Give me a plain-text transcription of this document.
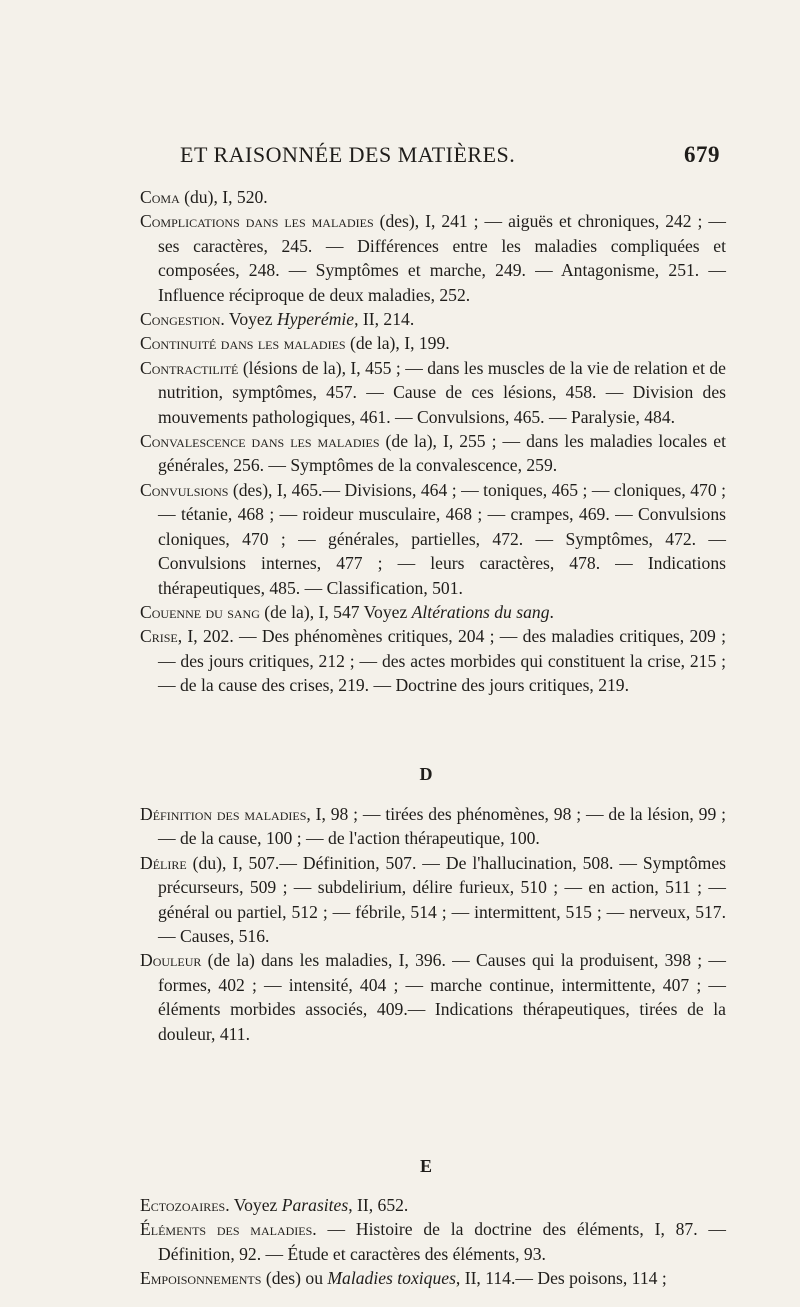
ET RAISONNÉE DES MATIÈRES.	679

Coma (du), I, 520.

Complications dans les maladies (des), I, 241 ; — aiguës et chroniques, 242 ; — ses caractères, 245. — Différences entre les maladies compliquées et composées, 248. — Symptômes et marche, 249. — Antagonisme, 251. — Influence réciproque de deux maladies, 252.

Congestion. Voyez Hyperémie, II, 214.

Continuité dans les maladies (de la), I, 199.

Contractilité (lésions de la), I, 455 ; — dans les muscles de la vie de relation et de nutrition, symptômes, 457. — Cause de ces lésions, 458. — Division des mouvements pathologiques, 461. — Convulsions, 465. — Paralysie, 484.

Convalescence dans les maladies (de la), I, 255 ; — dans les maladies locales et générales, 256. — Symptômes de la convalescence, 259.

Convulsions (des), I, 465.— Divisions, 464 ; — toniques, 465 ; — cloniques, 470 ; — tétanie, 468 ; — roideur musculaire, 468 ; — crampes, 469. — Convulsions cloniques, 470 ; — générales, partielles, 472. — Symptômes, 472. — Convulsions internes, 477 ; — leurs caractères, 478. — Indications thérapeutiques, 485. — Classification, 501.

Couenne du sang (de la), I, 547 Voyez Altérations du sang.

Crise, I, 202. — Des phénomènes critiques, 204 ; — des maladies critiques, 209 ; — des jours critiques, 212 ; — des actes morbides qui constituent la crise, 215 ; — de la cause des crises, 219. — Doctrine des jours critiques, 219.

D

Définition des maladies, I, 98 ; — tirées des phénomènes, 98 ; — de la lésion, 99 ; — de la cause, 100 ; — de l'action thérapeutique, 100.

Délire (du), I, 507.— Définition, 507. — De l'hallucination, 508. — Symptômes précurseurs, 509 ; — subdelirium, délire furieux, 510 ; — en action, 511 ; — général ou partiel, 512 ; — fébrile, 514 ; — intermittent, 515 ; — nerveux, 517. — Causes, 516.

Douleur (de la) dans les maladies, I, 396. — Causes qui la produisent, 398 ; — formes, 402 ; — intensité, 404 ; — marche continue, intermittente, 407 ; — éléments morbides associés, 409.— Indications thérapeutiques, tirées de la douleur, 411.

E

Ectozoaires. Voyez Parasites, II, 652.

Éléments des maladies. — Histoire de la doctrine des éléments, I, 87. — Définition, 92. — Étude et caractères des éléments, 93.

Empoisonnements (des) ou Maladies toxiques, II, 114.— Des poisons, 114 ;
